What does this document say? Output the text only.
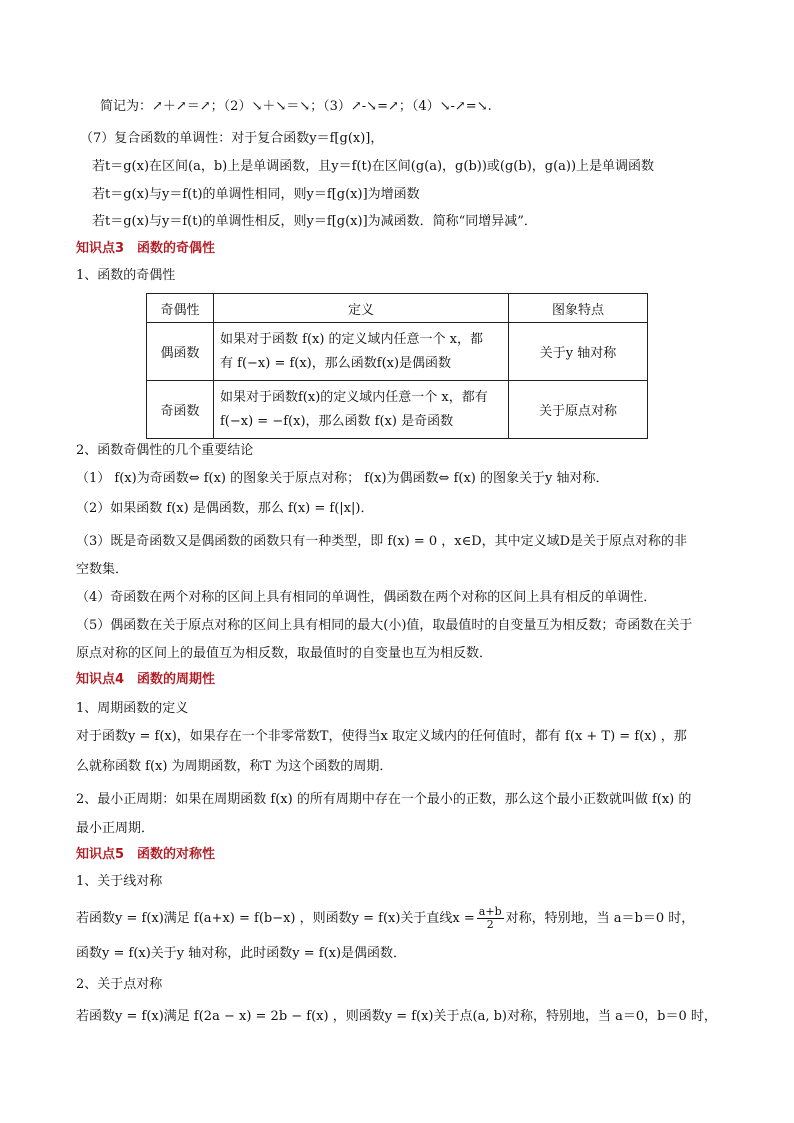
简记为：↗＋↗＝↗；（2）↘＋↘＝↘；（3）↗-↘=↗；（4）↘-↗=↘.
（7）复合函数的单调性：对于复合函数y＝f[g(x)]，
若t＝g(x)在区间(a，b)上是单调函数，且y＝f(t)在区间(g(a)，g(b))或(g(b)，g(a))上是单调函数
若t＝g(x)与y＝f(t)的单调性相同，则y＝f[g(x)]为增函数
若t＝g(x)与y＝f(t)的单调性相反，则y＝f[g(x)]为减函数．简称“同增异减”．
知识点3　函数的奇偶性
1、函数的奇偶性
奇偶性	定义	图象特点
偶函数	如果对于函数 f(x) 的定义域内任意一个 x，都
有 f(−x) = f(x)，那么函数f(x)是偶函数	关于y 轴对称
奇函数	如果对于函数f(x)的定义域内任意一个 x，都有
f(−x) = −f(x)，那么函数 f(x) 是奇函数	关于原点对称
2、函数奇偶性的几个重要结论
（1） f(x)为奇函数⇔ f(x) 的图象关于原点对称； f(x)为偶函数⇔ f(x) 的图象关于y 轴对称．
（2）如果函数 f(x) 是偶函数，那么 f(x) = f(|x|)．
（3）既是奇函数又是偶函数的函数只有一种类型，即 f(x) = 0 ，x∈D，其中定义域D是关于原点对称的非
空数集．
（4）奇函数在两个对称的区间上具有相同的单调性，偶函数在两个对称的区间上具有相反的单调性．
（5）偶函数在关于原点对称的区间上具有相同的最大(小)值，取最值时的自变量互为相反数；奇函数在关于
原点对称的区间上的最值互为相反数，取最值时的自变量也互为相反数．
知识点4　函数的周期性
1、周期函数的定义
对于函数y = f(x)，如果存在一个非零常数T，使得当x 取定义域内的任何值时，都有 f(x + T) = f(x) ，那
么就称函数 f(x) 为周期函数，称T 为这个函数的周期．
2、最小正周期：如果在周期函数 f(x) 的所有周期中存在一个最小的正数，那么这个最小正数就叫做 f(x) 的
最小正周期．
知识点5　函数的对称性
1、关于线对称
若函数y = f(x)满足 f(a+x) = f(b−x) ，则函数y = f(x)关于直线$x = \frac{a+b}{2}$ 对称，特别地，当 a＝b＝0 时，
函数y = f(x)关于y 轴对称，此时函数y = f(x)是偶函数．
2、关于点对称
若函数y = f(x)满足 f(2a − x) = 2b − f(x) ，则函数y = f(x)关于点(a, b)对称，特别地，当 a＝0，b＝0 时，
